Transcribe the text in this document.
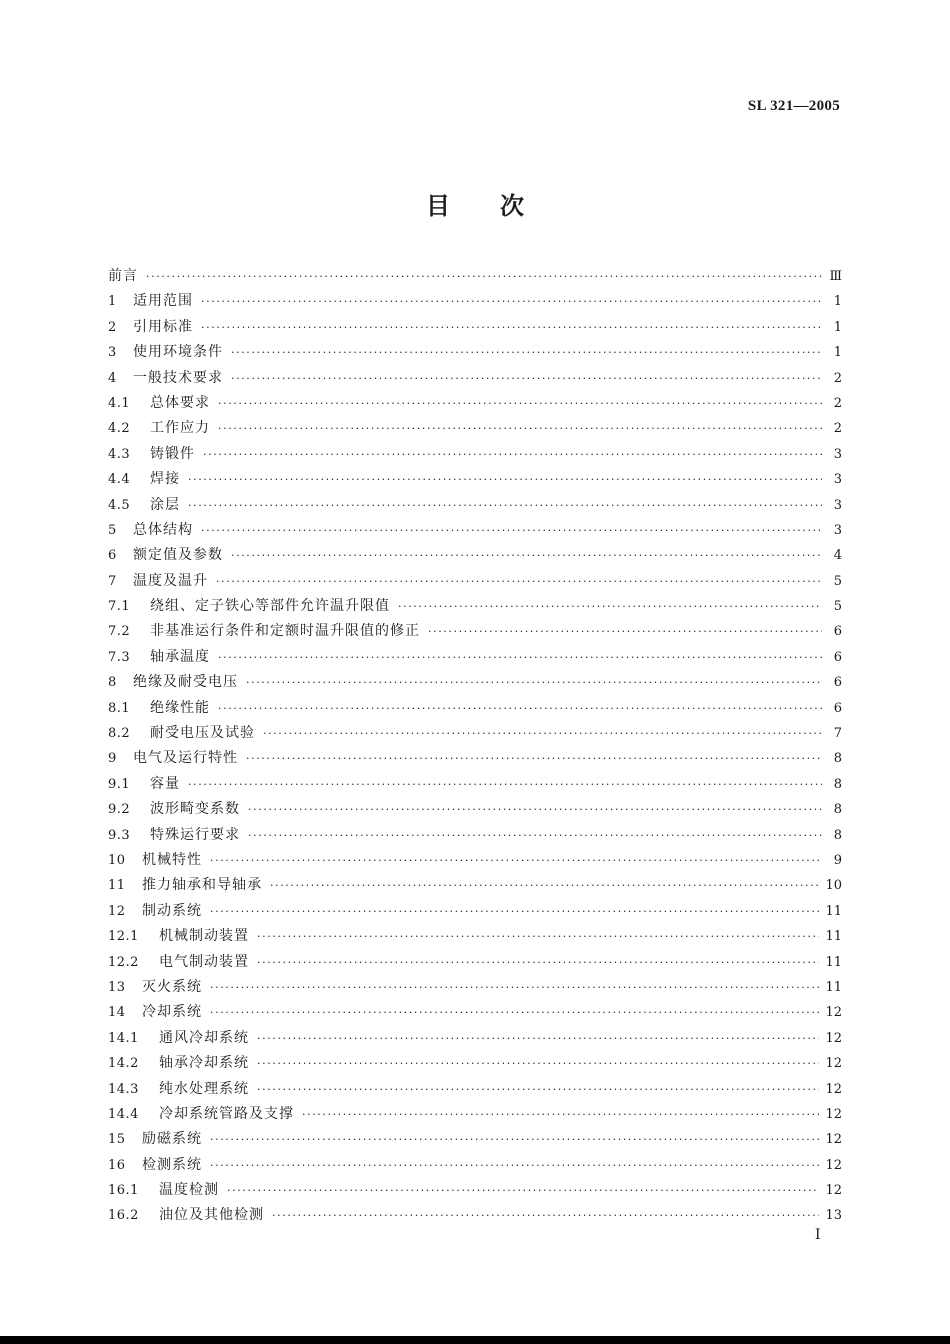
SL 321—2005
目 次
前言 ·····	Ⅲ
1	适用范围 ·····	1
2	引用标准 ·····	1
3	使用环境条件 ·····	1
4	一般技术要求 ·····	2
4.1	总体要求 ·····	2
4.2	工作应力 ·····	2
4.3	铸锻件 ·····	3
4.4	焊接 ·····	3
4.5	涂层 ·····	3
5	总体结构 ·····	3
6	额定值及参数 ·····	4
7	温度及温升 ·····	5
7.1	绕组、定子铁心等部件允许温升限值 ·····	5
7.2	非基准运行条件和定额时温升限值的修正 ·····	6
7.3	轴承温度 ·····	6
8	绝缘及耐受电压 ·····	6
8.1	绝缘性能 ·····	6
8.2	耐受电压及试验 ·····	7
9	电气及运行特性 ·····	8
9.1	容量 ·····	8
9.2	波形畸变系数 ·····	8
9.3	特殊运行要求 ·····	8
10	机械特性 ·····	9
11	推力轴承和导轴承 ·····	10
12	制动系统 ·····	11
12.1	机械制动装置 ·····	11
12.2	电气制动装置 ·····	11
13	灭火系统 ·····	11
14	冷却系统 ·····	12
14.1	通风冷却系统 ·····	12
14.2	轴承冷却系统 ·····	12
14.3	纯水处理系统 ·····	12
14.4	冷却系统管路及支撑 ·····	12
15	励磁系统 ·····	12
16	检测系统 ·····	12
16.1	温度检测 ·····	12
16.2	油位及其他检测 ·····	13
I
